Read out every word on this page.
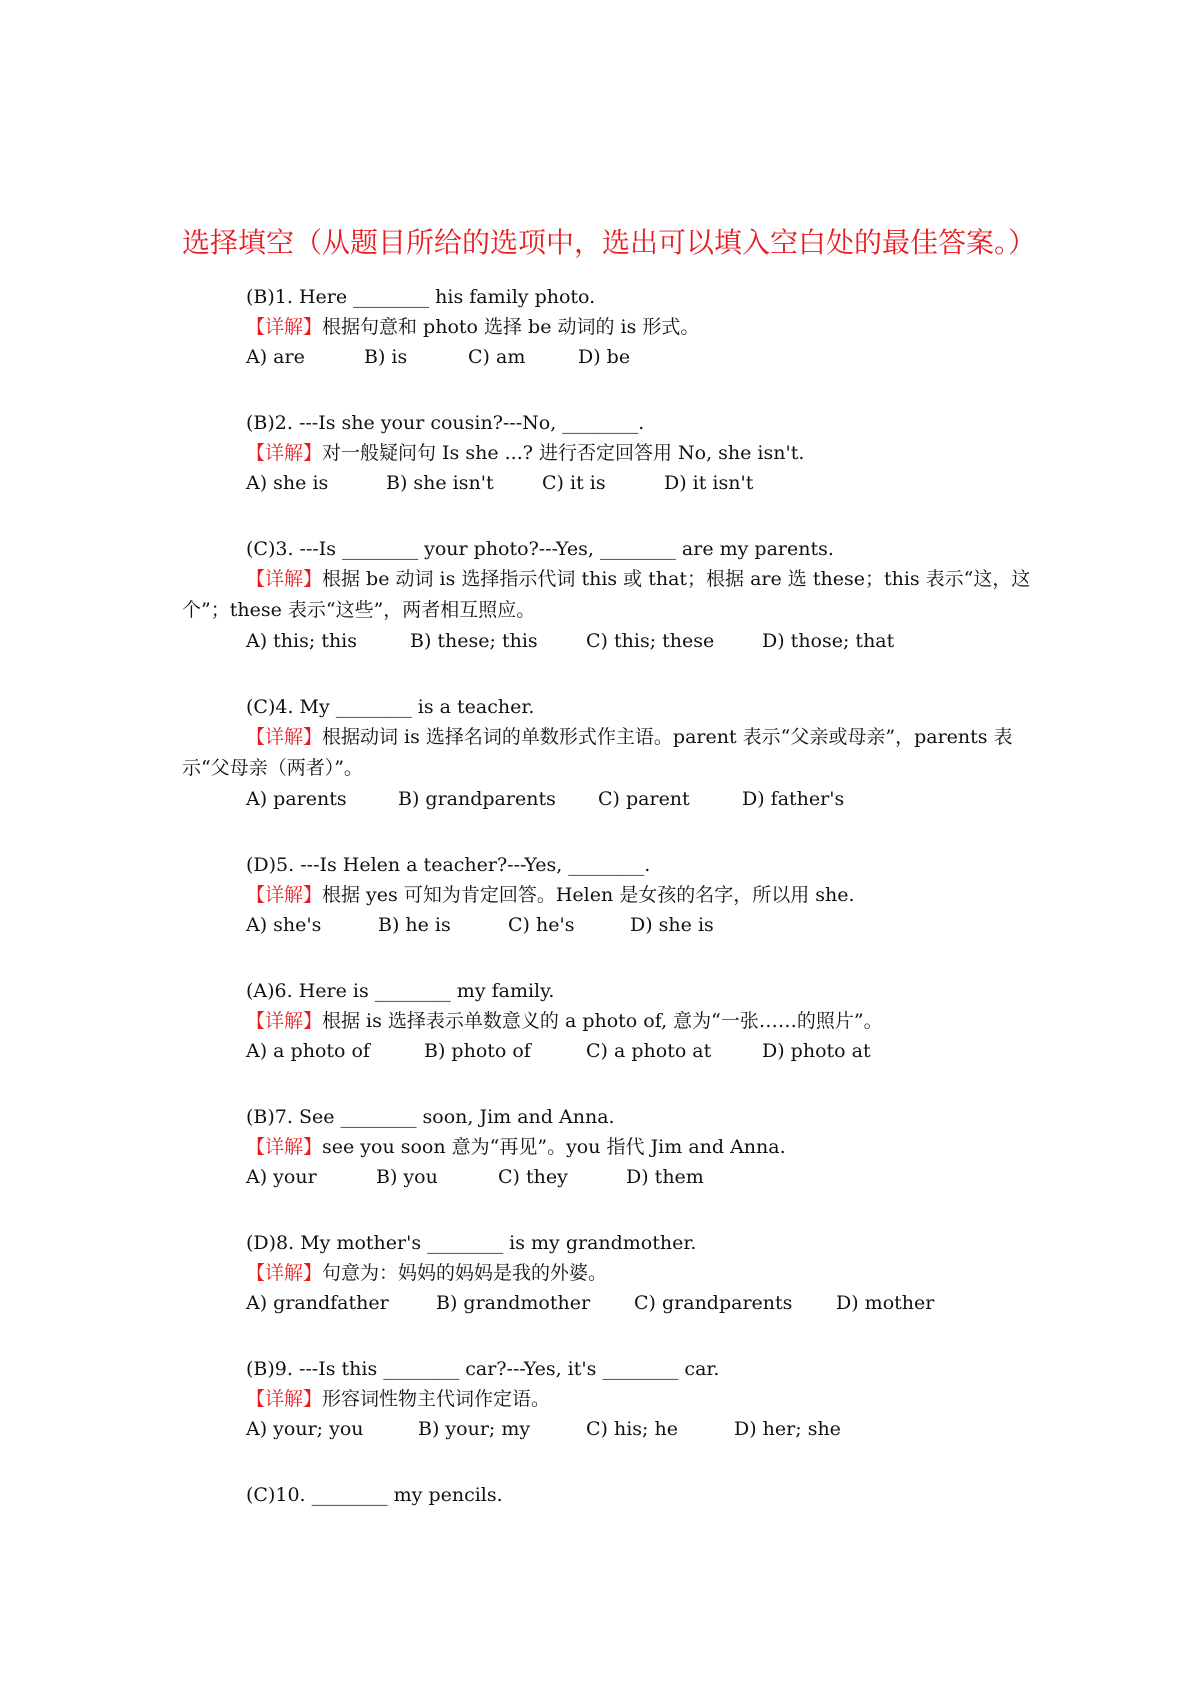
选择填空（从题目所给的选项中，选出可以填入空白处的最佳答案。）
(B)1. Here ________ his family photo.
【详解】根据句意和 photo 选择 be 动词的 is 形式。
A) are	B) is	C) am	D) be
(B)2. ---Is she your cousin?---No, ________.
【详解】对一般疑问句 Is she ...? 进行否定回答用 No, she isn't.
A) she is	B) she isn't	C) it is	D) it isn't
(C)3. ---Is ________ your photo?---Yes, ________ are my parents.
【详解】根据 be 动词 is 选择指示代词 this 或 that；根据 are 选 these；this 表示“这，这个”；these 表示“这些”，两者相互照应。
A) this; this	B) these; this	C) this; these	D) those; that
(C)4. My ________ is a teacher.
【详解】根据动词 is 选择名词的单数形式作主语。parent 表示“父亲或母亲”，parents 表示“父母亲（两者）”。
A) parents	B) grandparents C) parent	D) father's
(D)5. ---Is Helen a teacher?---Yes, ________.
【详解】根据 yes 可知为肯定回答。Helen 是女孩的名字，所以用 she.
A) she's	B) he is	C) he's	D) she is
(A)6. Here is ________ my family.
【详解】根据 is 选择表示单数意义的 a photo of, 意为“一张……的照片”。
A) a photo of	B) photo of	C) a photo at	D) photo at
(B)7. See ________ soon, Jim and Anna.
【详解】see you soon 意为“再见”。you 指代 Jim and Anna.
A) your	B) you	C) they	D) them
(D)8. My mother's ________ is my grandmother.
【详解】句意为：妈妈的妈妈是我的外婆。
A) grandfather B) grandmother C) grandparents D) mother
(B)9. ---Is this ________ car?---Yes, it's ________ car.
【详解】形容词性物主代词作定语。
A) your; you	B) your; my	C) his; he	D) her; she
(C)10. ________ my pencils.
